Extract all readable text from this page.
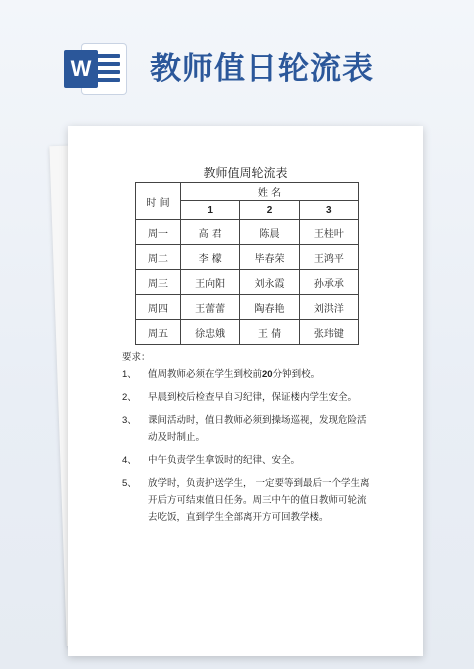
W 教师值日轮流表
教师值周轮流表
时 间	姓 名		
	1	2	3
周一	高 君	陈晨	王桂叶
周二	李 檬	毕春荣	王鸿平
周三	王向阳	刘永霞	孙承承
周四	王蕾蕾	陶春艳	刘洪洋
周五	徐忠娥	王 倩	张玮键
要求：
1、	值周教师必须在学生到校前20分钟到校。
2、	早晨到校后检查早自习纪律，保证楼内学生安全。
3、	课间活动时，值日教师必须到操场巡视，发现危险活动及时制止。
4、	中午负责学生拿饭时的纪律、安全。
5、	放学时，负责护送学生， 一定要等到最后一个学生离开后方可结束值日任务。周三中午的值日教师可轮流去吃饭，直到学生全部离开方可回教学楼。
